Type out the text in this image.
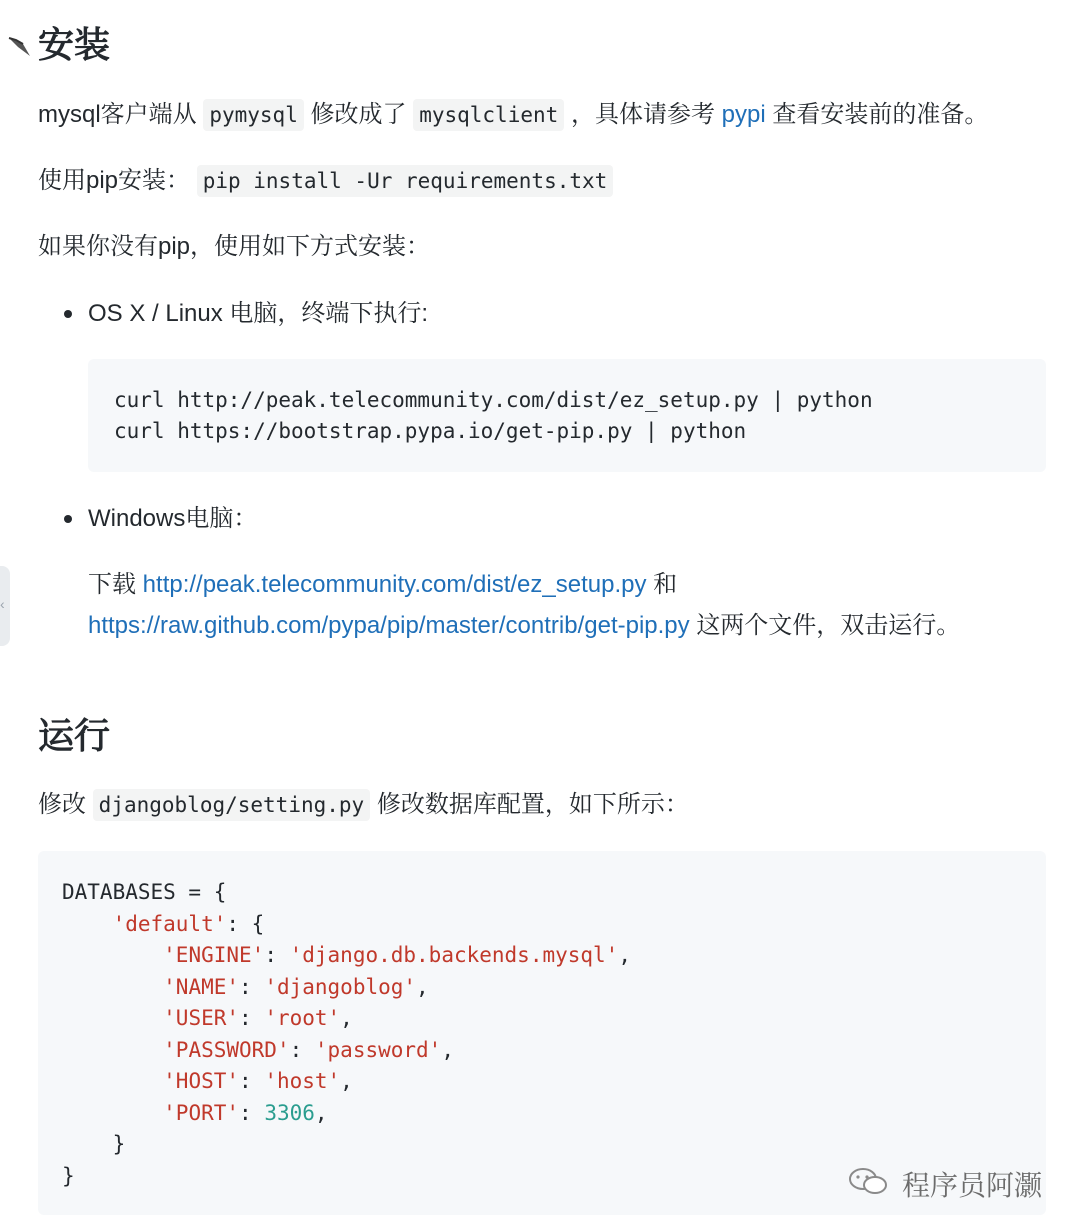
安装
mysql客户端从 pymysql 修改成了 mysqlclient ，具体请参考 pypi 查看安装前的准备。
使用pip安装： pip install -Ur requirements.txt
如果你没有pip，使用如下方式安装：
OS X / Linux 电脑，终端下执行:
curl http://peak.telecommunity.com/dist/ez_setup.py | python
curl https://bootstrap.pypa.io/get-pip.py | python
Windows电脑：
下载 http://peak.telecommunity.com/dist/ez_setup.py 和
https://raw.github.com/pypa/pip/master/contrib/get-pip.py 这两个文件，双击运行。
‹
运行
修改 djangoblog/setting.py 修改数据库配置，如下所示：
DATABASES = {
'default': {
'ENGINE': 'django.db.backends.mysql',
'NAME': 'djangoblog',
'USER': 'root',
'PASSWORD': 'password',
'HOST': 'host',
'PORT': 3306,
}
}	程序员阿灏
